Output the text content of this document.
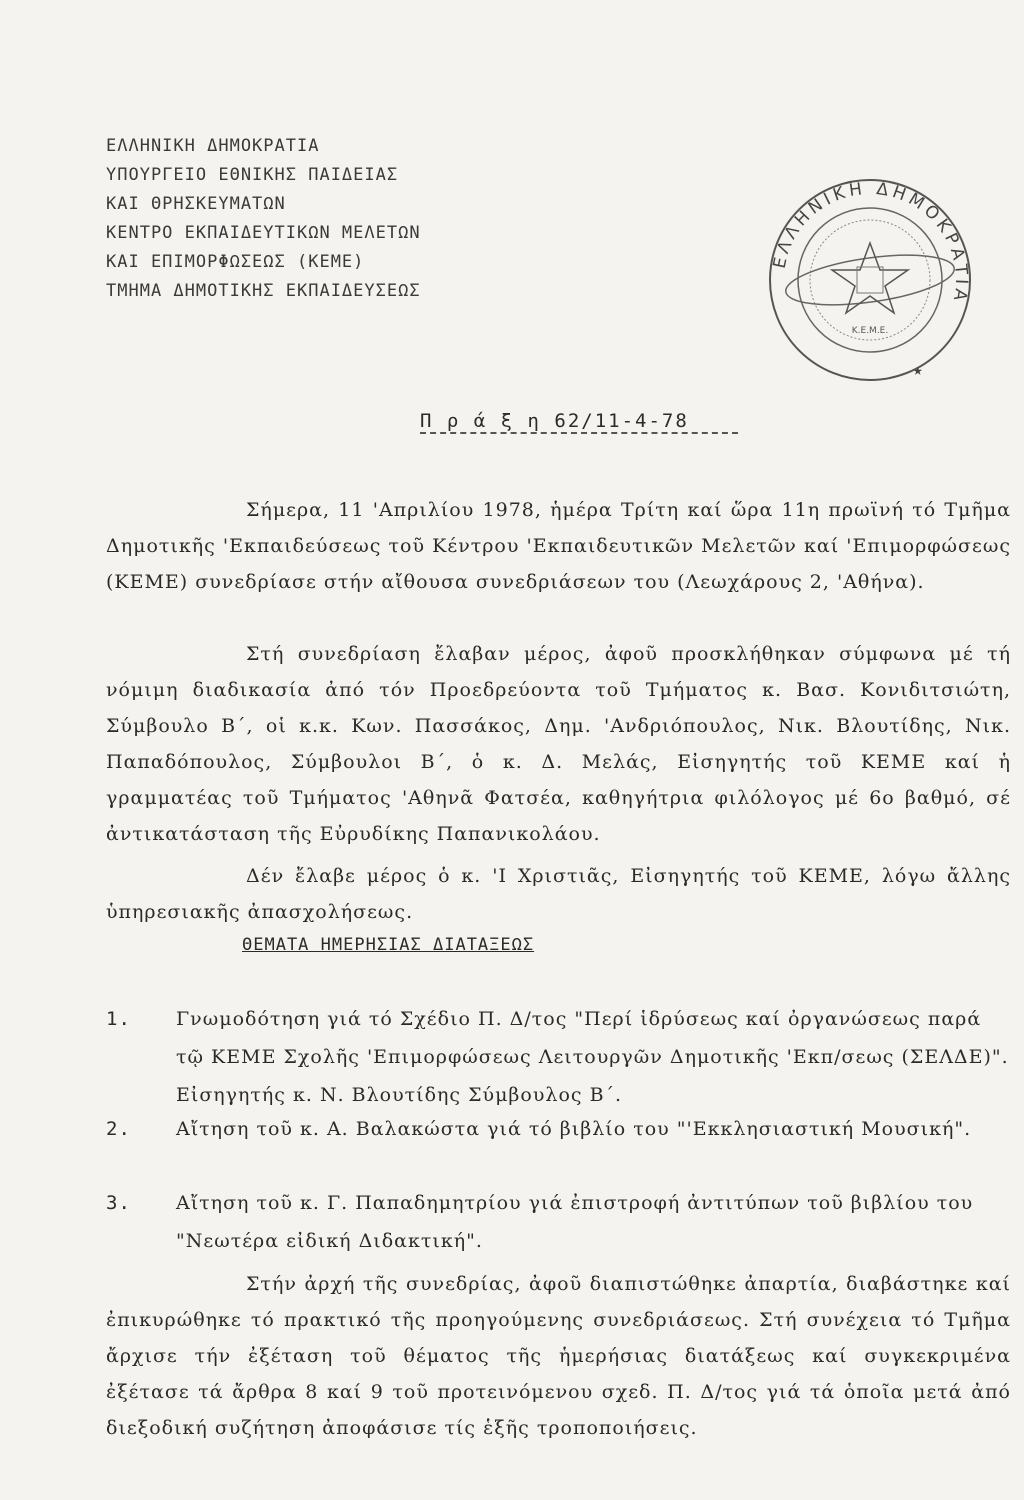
ΕΛΛΗΝΙΚΗ ΔΗΜΟΚΡΑΤΙΑ
ΥΠΟΥΡΓΕΙΟ ΕΘΝΙΚΗΣ ΠΑΙΔΕΙΑΣ
ΚΑΙ ΘΡΗΣΚΕΥΜΑΤΩΝ
ΚΕΝΤΡΟ ΕΚΠΑΙΔΕΥΤΙΚΩΝ ΜΕΛΕΤΩΝ
ΚΑΙ ΕΠΙΜΟΡΦΩΣΕΩΣ (ΚΕΜΕ)
ΤΜΗΜΑ ΔΗΜΟΤΙΚΗΣ ΕΚΠΑΙΔΕΥΣΕΩΣ
ΕΛΛΗΝΙΚΗ ΔΗΜΟΚΡΑΤΙΑ
Κ.Ε.Μ.Ε.
★
Π ρ ά ξ η 62/11-4-78
Σήμερα, 11 'Απριλίου 1978, ἡμέρα Τρίτη καί ὥρα 11η πρωϊνή τό Τμῆμα Δημοτικῆς 'Εκπαιδεύσεως τοῦ Κέντρου 'Εκπαιδευτικῶν Μελετῶν καί 'Επιμορφώσεως (ΚΕΜΕ) συνεδρίασε στήν αἴθουσα συνεδριάσεων του (Λεωχάρους 2, 'Αθήνα).
Στή συνεδρίαση ἔλαβαν μέρος, ἀφοῦ προσκλήθηκαν σύμφωνα μέ τή νόμιμη διαδικασία ἀπό τόν Προεδρεύοντα τοῦ Τμήματος κ. Βασ. Κονιδιτσιώτη, Σύμβουλο Β΄, οἱ κ.κ. Κων. Πασσάκος, Δημ. 'Ανδριόπουλος, Νικ. Βλουτίδης, Νικ. Παπαδόπουλος, Σύμβουλοι Β΄, ὁ κ. Δ. Μελάς, Εἰσηγητής τοῦ ΚΕΜΕ καί ἡ γραμματέας τοῦ Τμήματος 'Αθηνᾶ Φατσέα, καθηγήτρια φιλόλογος μέ 6ο βαθμό, σέ ἀντικατάσταση τῆς Εὐρυδίκης Παπανικολάου.
Δέν ἔλαβε μέρος ὁ κ. 'Ι Χριστιᾶς, Εἰσηγητής τοῦ ΚΕΜΕ, λόγω ἄλλης ὑπηρεσιακῆς ἀπασχολήσεως.
ΘΕΜΑΤΑ ΗΜΕΡΗΣΙΑΣ ΔΙΑΤΑΞΕΩΣ
1. Γνωμοδότηση γιά τό Σχέδιο Π. Δ/τος "Περί ἱδρύσεως καί ὀργανώσεως παρά τῷ ΚΕΜΕ Σχολῆς 'Επιμορφώσεως Λειτουργῶν Δημοτικῆς 'Εκπ/σεως (ΣΕΛΔΕ)". Εἰσηγητής κ. Ν. Βλουτίδης Σύμβουλος Β΄.
2. Αἴτηση τοῦ κ. Α. Βαλακώστα γιά τό βιβλίο του "'Εκκλησιαστική Μουσική".
3. Αἴτηση τοῦ κ. Γ. Παπαδημητρίου γιά ἐπιστροφή ἀντιτύπων τοῦ βιβλίου του "Νεωτέρα εἰδική Διδακτική".
Στήν ἀρχή τῆς συνεδρίας, ἀφοῦ διαπιστώθηκε ἀπαρτία, διαβάστηκε καί ἐπικυρώθηκε τό πρακτικό τῆς προηγούμενης συνεδριάσεως. Στή συνέχεια τό Τμῆμα ἄρχισε τήν ἐξέταση τοῦ θέματος τῆς ἡμερήσιας διατάξεως καί συγκεκριμένα ἐξέτασε τά ἄρθρα 8 καί 9 τοῦ προτεινόμενου σχεδ. Π. Δ/τος γιά τά ὁποῖα μετά ἀπό διεξοδική συζήτηση ἀποφάσισε τίς ἑξῆς τροποποιήσεις.
